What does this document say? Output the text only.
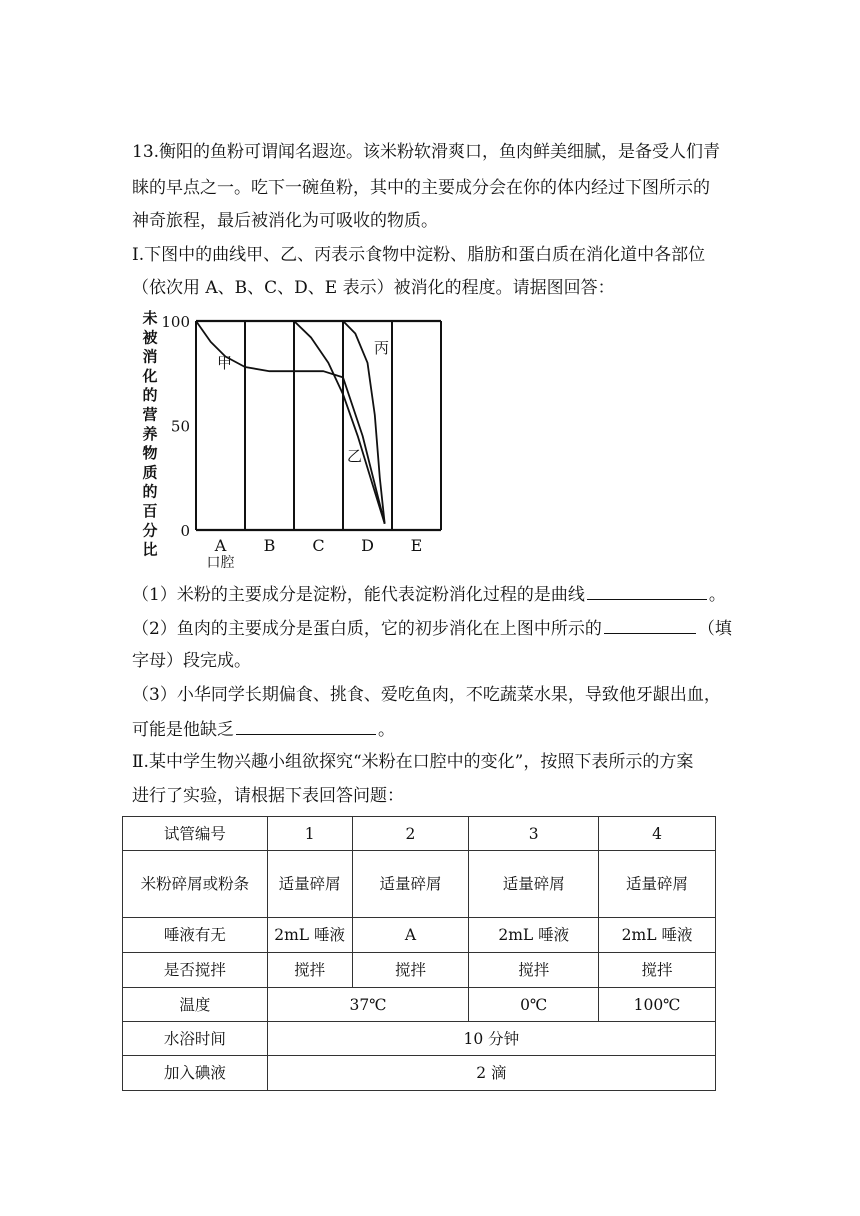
13.衡阳的鱼粉可谓闻名遐迩。该米粉软滑爽口，鱼肉鲜美细腻，是备受人们青
睐的早点之一。吃下一碗鱼粉，其中的主要成分会在你的体内经过下图所示的
神奇旅程，最后被消化为可吸收的物质。
Ⅰ.下图中的曲线甲、乙、丙表示食物中淀粉、脂肪和蛋白质在消化道中各部位
（依次用 A、B、C、D、E 表示）被消化的程度。请据图回答：
未
被
消
化
的
营
养
物
质
的
百
分
比
100
50
0
甲
乙
丙
A B C D E
口腔
（1）米粉的主要成分是淀粉，能代表淀粉消化过程的是曲线	。
（2）鱼肉的主要成分是蛋白质，它的初步消化在上图中所示的	（填
字母）段完成。
（3）小华同学长期偏食、挑食、爱吃鱼肉，不吃蔬菜水果，导致他牙龈出血，
可能是他缺乏	。
Ⅱ.某中学生物兴趣小组欲探究“米粉在口腔中的变化”，按照下表所示的方案
进行了实验，请根据下表回答问题：
试管编号	1	2	3	4
米粉碎屑或粉条	适量碎屑	适量碎屑	适量碎屑	适量碎屑
唾液有无	2mL 唾液	A	2mL 唾液	2mL 唾液
是否搅拌	搅拌	搅拌	搅拌	搅拌
温度	37℃		0℃	100℃
水浴时间	10 分钟			
加入碘液	2 滴			
